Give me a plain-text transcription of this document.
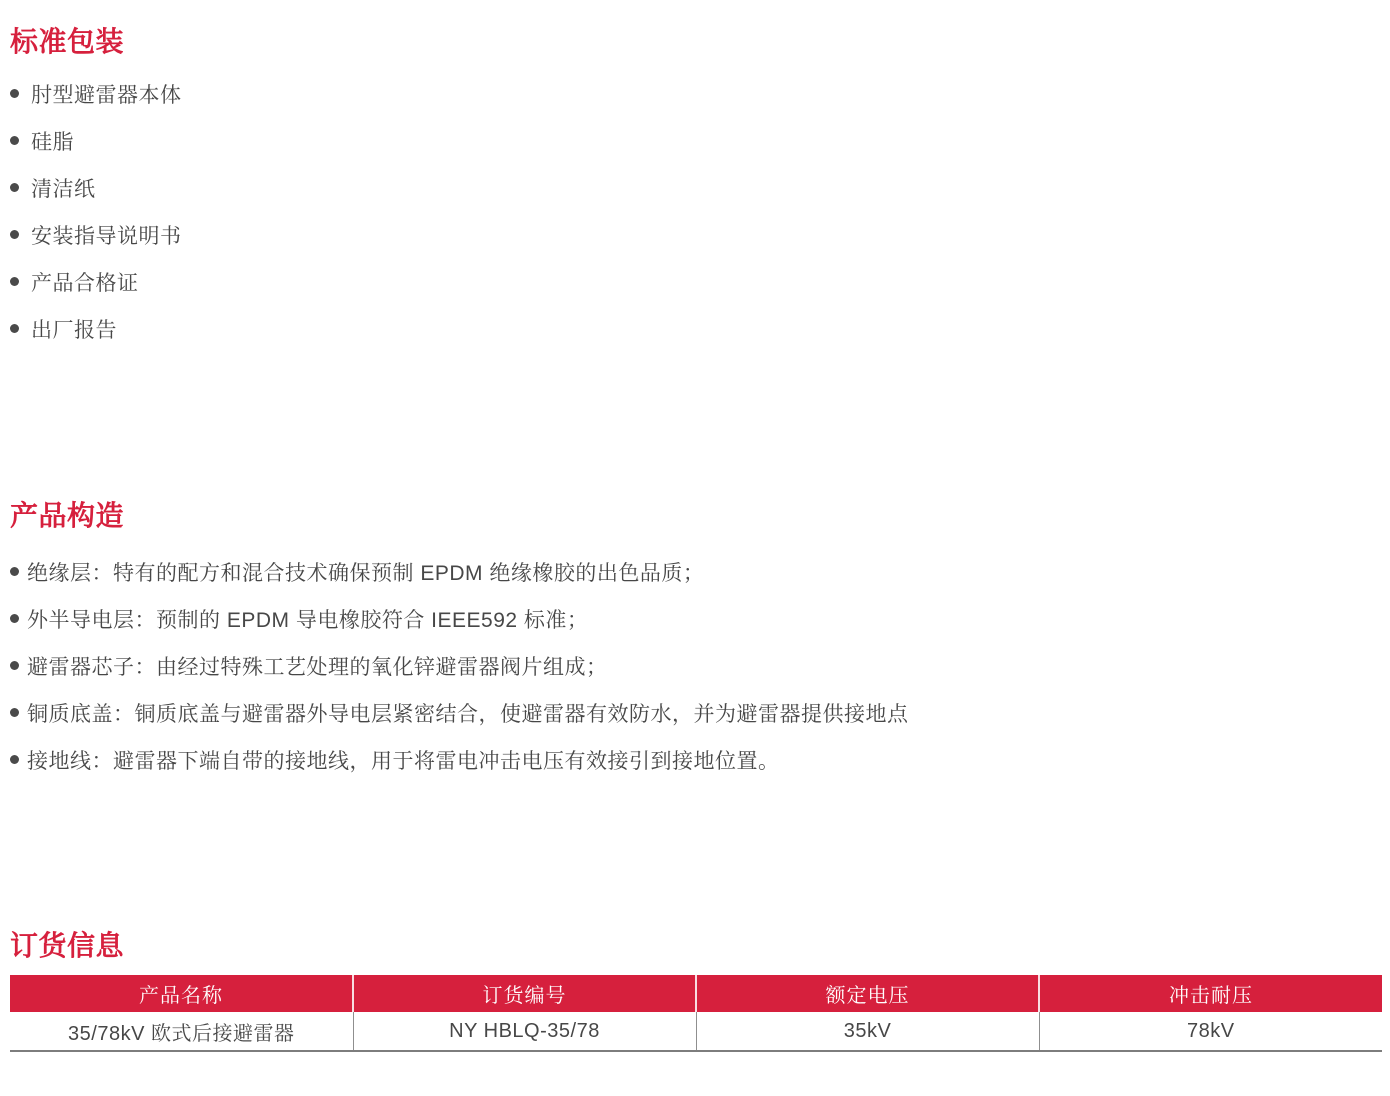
标准包装
肘型避雷器本体
硅脂
清洁纸
安装指导说明书
产品合格证
出厂报告
产品构造
绝缘层：特有的配方和混合技术确保预制 EPDM 绝缘橡胶的出色品质；
外半导电层：预制的 EPDM 导电橡胶符合 IEEE592 标准；
避雷器芯子：由经过特殊工艺处理的氧化锌避雷器阀片组成；
铜质底盖：铜质底盖与避雷器外导电层紧密结合，使避雷器有效防水，并为避雷器提供接地点
接地线：避雷器下端自带的接地线，用于将雷电冲击电压有效接引到接地位置。
订货信息
产品名称	订货编号	额定电压	冲击耐压
35/78kV 欧式后接避雷器	NY HBLQ-35/78	35kV	78kV
